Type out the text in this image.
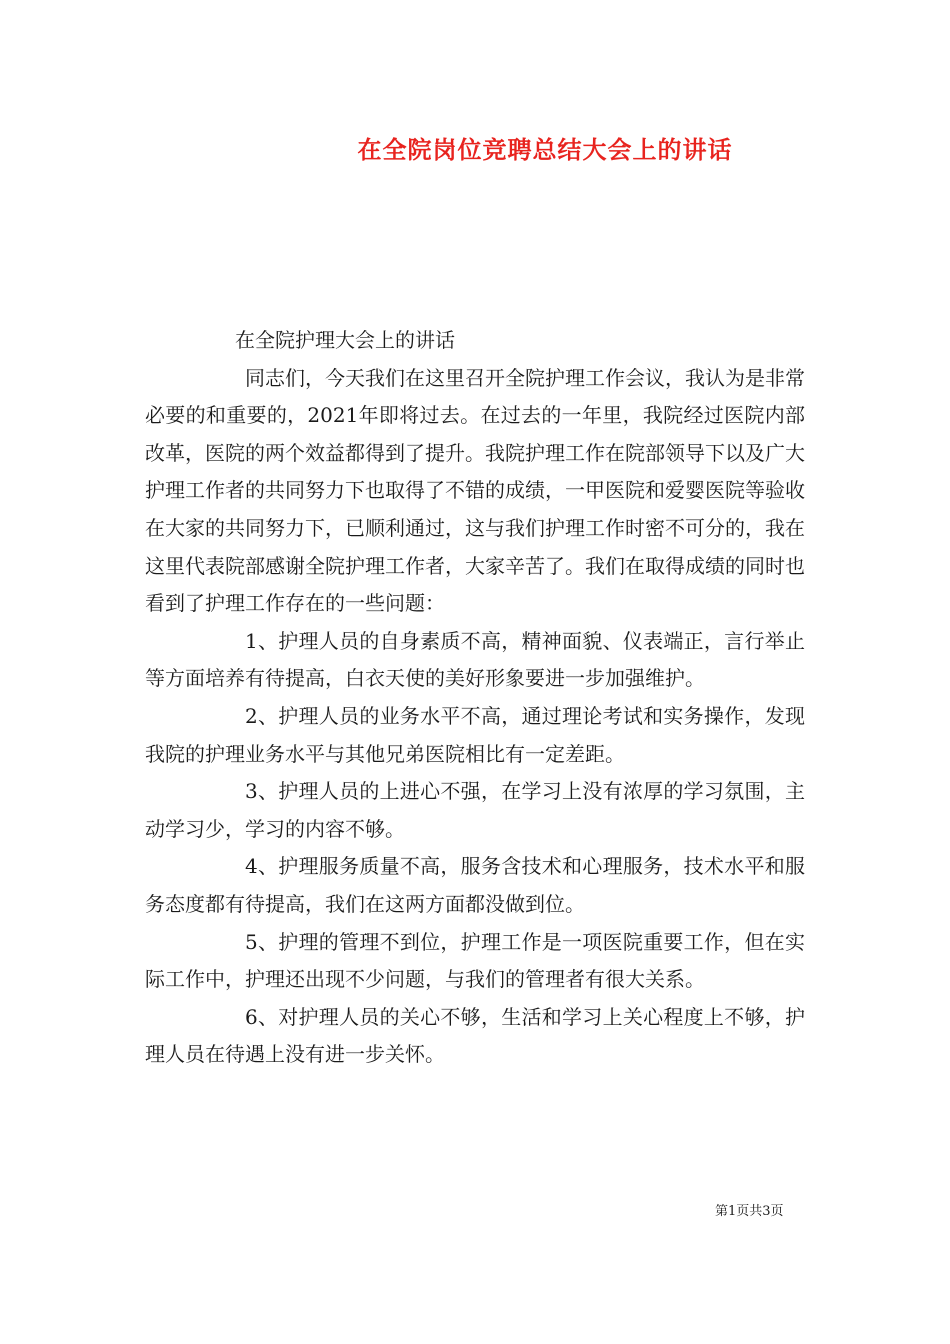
在全院岗位竞聘总结大会上的讲话

在全院护理大会上的讲话

同志们，今天我们在这里召开全院护理工作会议，我认为是非常必要的和重要的，2021年即将过去。在过去的一年里，我院经过医院内部改革，医院的两个效益都得到了提升。我院护理工作在院部领导下以及广大护理工作者的共同努力下也取得了不错的成绩，一甲医院和爱婴医院等验收在大家的共同努力下，已顺利通过，这与我们护理工作时密不可分的，我在这里代表院部感谢全院护理工作者，大家辛苦了。我们在取得成绩的同时也看到了护理工作存在的一些问题：

1、护理人员的自身素质不高，精神面貌、仪表端正，言行举止等方面培养有待提高，白衣天使的美好形象要进一步加强维护。

2、护理人员的业务水平不高，通过理论考试和实务操作，发现我院的护理业务水平与其他兄弟医院相比有一定差距。

3、护理人员的上进心不强，在学习上没有浓厚的学习氛围，主动学习少，学习的内容不够。

4、护理服务质量不高，服务含技术和心理服务，技术水平和服务态度都有待提高，我们在这两方面都没做到位。

5、护理的管理不到位，护理工作是一项医院重要工作，但在实际工作中，护理还出现不少问题，与我们的管理者有很大关系。

6、对护理人员的关心不够，生活和学习上关心程度上不够，护理人员在待遇上没有进一步关怀。

第1页共3页
